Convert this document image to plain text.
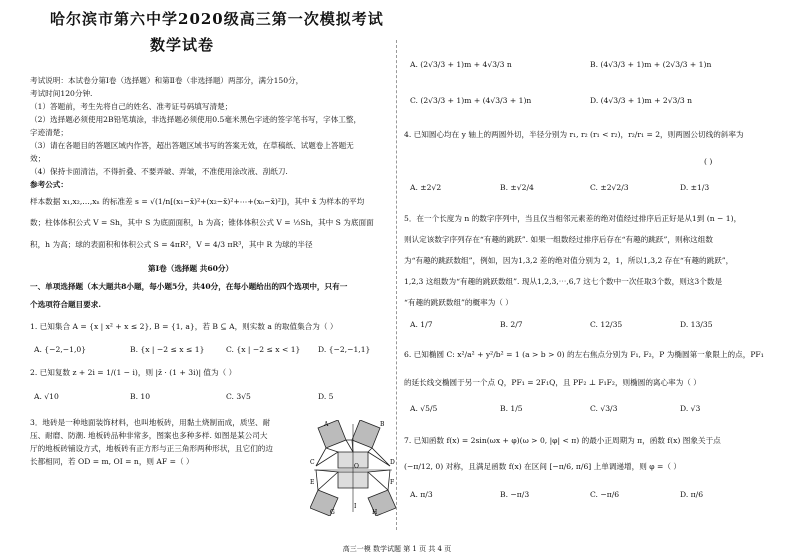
哈尔滨市第六中学2020级高三第一次模拟考试
数学试卷
考试说明：本试卷分第Ⅰ卷（选择题）和第Ⅱ卷（非选择题）两部分，满分150分，
考试时间120分钟.
（1）答题前，考生先将自己的姓名、准考证号码填写清楚；
（2）选择题必须使用2B铅笔填涂，非选择题必须使用0.5毫米黑色字迹的签字笔书写，字体工整，
字迹清楚；
（3）请在各题目的答题区域内作答，超出答题区域书写的答案无效，在草稿纸、试题卷上答题无
效；
（4）保持卡面清洁，不得折叠、不要弄破、弄皱，不准使用涂改液、刮纸刀.
参考公式：
样本数据 x₁,x₂,…,xₙ 的标准差 s = √(1/n[(x₁−x̄)²+(x₂−x̄)²+⋯+(xₙ−x̄)²])，其中 x̄ 为样本的平均
数；柱体体积公式 V = Sh，其中 S 为底面面积，h 为高；锥体体积公式 V = ⅓Sh，其中 S 为底面面
积，h 为高；球的表面积和体积公式 S = 4πR²，V = 4/3 πR³，其中 R 为球的半径
第Ⅰ卷（选择题 共60分）
一、单项选择题（本大题共8小题，每小题5分，共40分，在每小题给出的四个选项中，只有一
个选项符合题目要求.
1. 已知集合 A = {x | x² + x ≤ 2}, B = {1, a}，若 B ⊆ A，则实数 a 的取值集合为（ ）
A. {−2,−1,0}	B. {x | −2 ≤ x ≤ 1}	C. {x | −2 ≤ x < 1} D. {−2,−1,1}
2. 已知复数 z + 2i = 1/(1 − i)，则 |z̄ · (1 + 3i)| 值为（ ）
A. √10	B. 10	C. 3√5	D. 5
3．地砖是一种地面装饰材料，也叫地板砖，用黏土烧制而成，质坚、耐
压、耐磨、防潮. 地板砖品种非常多，图案也多种多样. 如图是某公司大
厅的地板砖铺设方式，地板砖有正方形与正三角形两种形状，且它们的边
长都相同，若 OD = m, OI = n，则 AF =（ ）
A	B
C	D
O
E	F
G	H
I
A. (2√3/3 + 1)m + 4√3/3 n	B. (4√3/3 + 1)m + (2√3/3 + 1)n
C. (2√3/3 + 1)m + (4√3/3 + 1)n	D. (4√3/3 + 1)m + 2√3/3 n
4. 已知圆心均在 y 轴上的两圆外切，半径分别为 r₁, r₂ (r₁ < r₂)，r₂/r₁ = 2，则两圆公切线的斜率为
( )
A. ±2√2	B. ±√2/4	C. ±2√2/3	D. ±1/3
5．在一个长度为 n 的数字序列中，当且仅当相邻元素差的绝对值经过排序后正好是从1到 (n − 1)，
则认定该数字序列存在“有趣的跳跃”. 如果一组数经过排序后存在“有趣的跳跃”，则称这组数
为“有趣的跳跃数组”，例如，因为1,3,2 差的绝对值分别为 2，1，所以1,3,2 存在“有趣的跳跃”，
1,2,3 这组数为“有趣的跳跃数组”. 现从1,2,3,⋯,6,7 这七个数中一次任取3个数，则这3个数是
“有趣的跳跃数组”的概率为（ ）
A. 1/7	B. 2/7	C. 12/35	D. 13/35
6. 已知椭圆 C: x²/a² + y²/b² = 1 (a > b > 0) 的左右焦点分别为 F₁, F₂，P 为椭圆第一象限上的点，PF₁
的延长线交椭圆于另一个点 Q，PF₁ = 2F₁Q，且 PF₂ ⊥ F₁F₂，则椭圆的离心率为（ ）
A. √5/5	B. 1/5	C. √3/3	D. √3
7. 已知函数 f(x) = 2sin(ωx + φ)(ω > 0, |φ| < π) 的最小正周期为 π，函数 f(x) 图象关于点
(−π/12, 0) 对称，且满足函数 f(x) 在区间 [−π/6, π/6] 上单调递增，则 φ =（ ）
A. π/3	B. −π/3	C. −π/6	D. π/6
高三一模 数学试题 第 1 页 共 4 页
